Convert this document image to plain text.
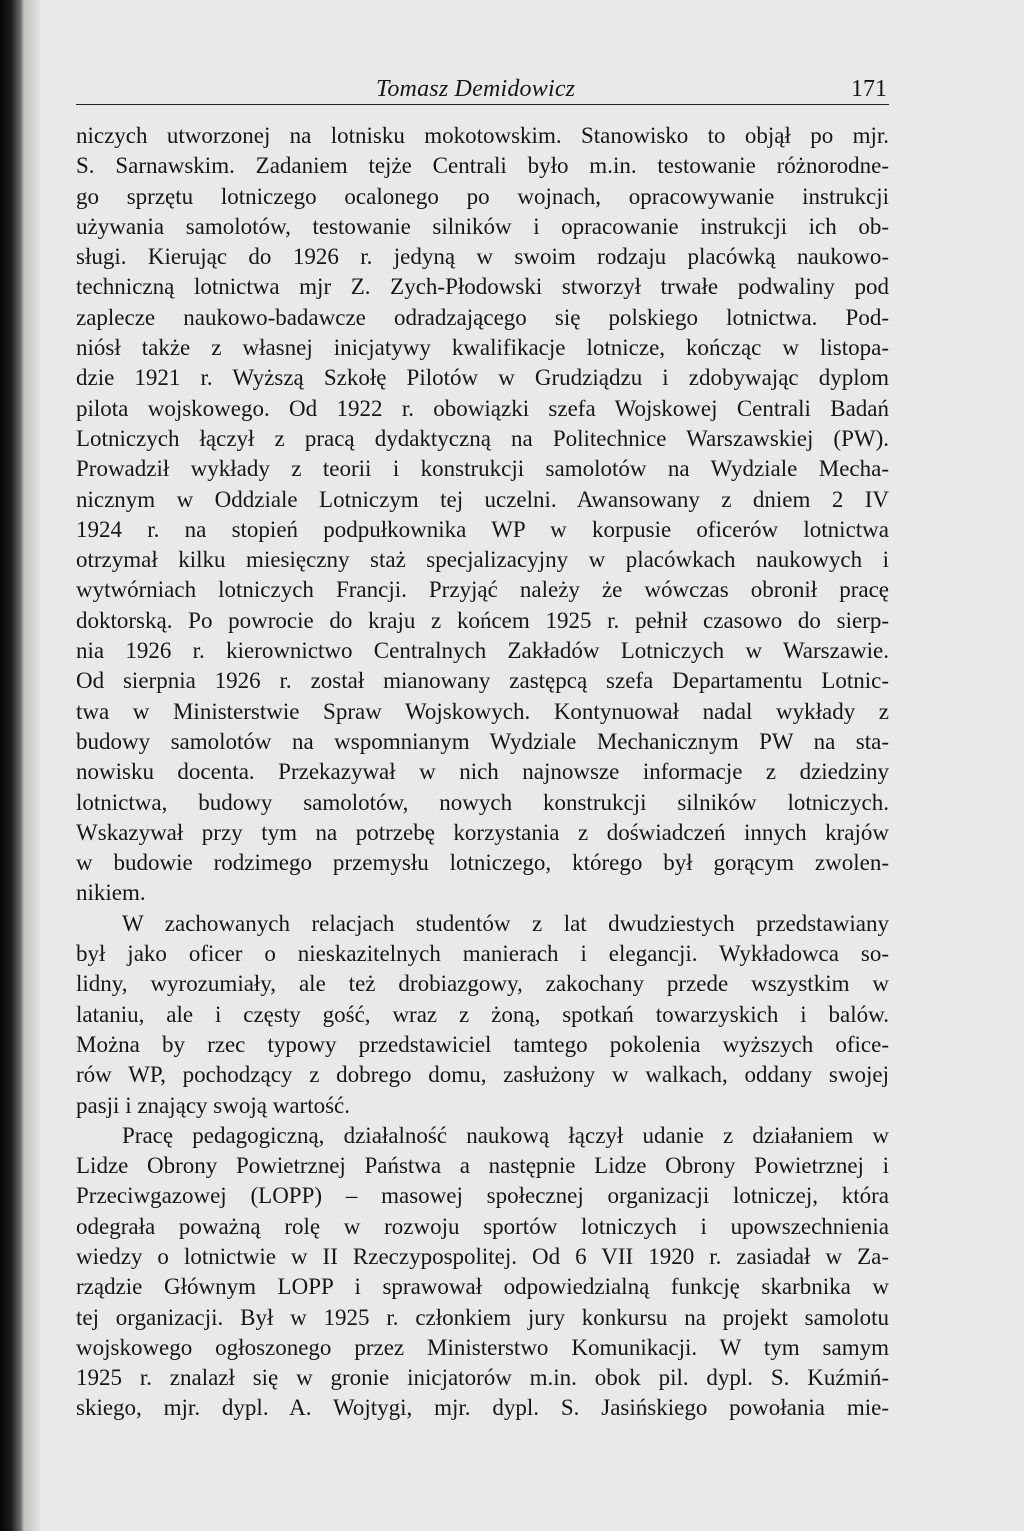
Tomasz Demidowicz	171
niczych utworzonej na lotnisku mokotowskim. Stanowisko to objął po mjr.
S. Sarnawskim. Zadaniem tejże Centrali było m.in. testowanie różnorodne-
go sprzętu lotniczego ocalonego po wojnach, opracowywanie instrukcji
używania samolotów, testowanie silników i opracowanie instrukcji ich ob-
sługi. Kierując do 1926 r. jedyną w swoim rodzaju placówką naukowo-
techniczną lotnictwa mjr Z. Zych-Płodowski stworzył trwałe podwaliny pod
zaplecze naukowo-badawcze odradzającego się polskiego lotnictwa. Pod-
niósł także z własnej inicjatywy kwalifikacje lotnicze, kończąc w listopa-
dzie 1921 r. Wyższą Szkołę Pilotów w Grudziądzu i zdobywając dyplom
pilota wojskowego. Od 1922 r. obowiązki szefa Wojskowej Centrali Badań
Lotniczych łączył z pracą dydaktyczną na Politechnice Warszawskiej (PW).
Prowadził wykłady z teorii i konstrukcji samolotów na Wydziale Mecha-
nicznym w Oddziale Lotniczym tej uczelni. Awansowany z dniem 2 IV
1924 r. na stopień podpułkownika WP w korpusie oficerów lotnictwa
otrzymał kilku miesięczny staż specjalizacyjny w placówkach naukowych i
wytwórniach lotniczych Francji. Przyjąć należy że wówczas obronił pracę
doktorską. Po powrocie do kraju z końcem 1925 r. pełnił czasowo do sierp-
nia 1926 r. kierownictwo Centralnych Zakładów Lotniczych w Warszawie.
Od sierpnia 1926 r. został mianowany zastępcą szefa Departamentu Lotnic-
twa w Ministerstwie Spraw Wojskowych. Kontynuował nadal wykłady z
budowy samolotów na wspomnianym Wydziale Mechanicznym PW na sta-
nowisku docenta. Przekazywał w nich najnowsze informacje z dziedziny
lotnictwa, budowy samolotów, nowych konstrukcji silników lotniczych.
Wskazywał przy tym na potrzebę korzystania z doświadczeń innych krajów
w budowie rodzimego przemysłu lotniczego, którego był gorącym zwolen-
nikiem.
W zachowanych relacjach studentów z lat dwudziestych przedstawiany
był jako oficer o nieskazitelnych manierach i elegancji. Wykładowca so-
lidny, wyrozumiały, ale też drobiazgowy, zakochany przede wszystkim w
lataniu, ale i częsty gość, wraz z żoną, spotkań towarzyskich i balów.
Można by rzec typowy przedstawiciel tamtego pokolenia wyższych ofice-
rów WP, pochodzący z dobrego domu, zasłużony w walkach, oddany swojej
pasji i znający swoją wartość.
Pracę pedagogiczną, działalność naukową łączył udanie z działaniem w
Lidze Obrony Powietrznej Państwa a następnie Lidze Obrony Powietrznej i
Przeciwgazowej (LOPP) – masowej społecznej organizacji lotniczej, która
odegrała poważną rolę w rozwoju sportów lotniczych i upowszechnienia
wiedzy o lotnictwie w II Rzeczypospolitej. Od 6 VII 1920 r. zasiadał w Za-
rządzie Głównym LOPP i sprawował odpowiedzialną funkcję skarbnika w
tej organizacji. Był w 1925 r. członkiem jury konkursu na projekt samolotu
wojskowego ogłoszonego przez Ministerstwo Komunikacji. W tym samym
1925 r. znalazł się w gronie inicjatorów m.in. obok pil. dypl. S. Kuźmiń-
skiego, mjr. dypl. A. Wojtygi, mjr. dypl. S. Jasińskiego powołania mie-
